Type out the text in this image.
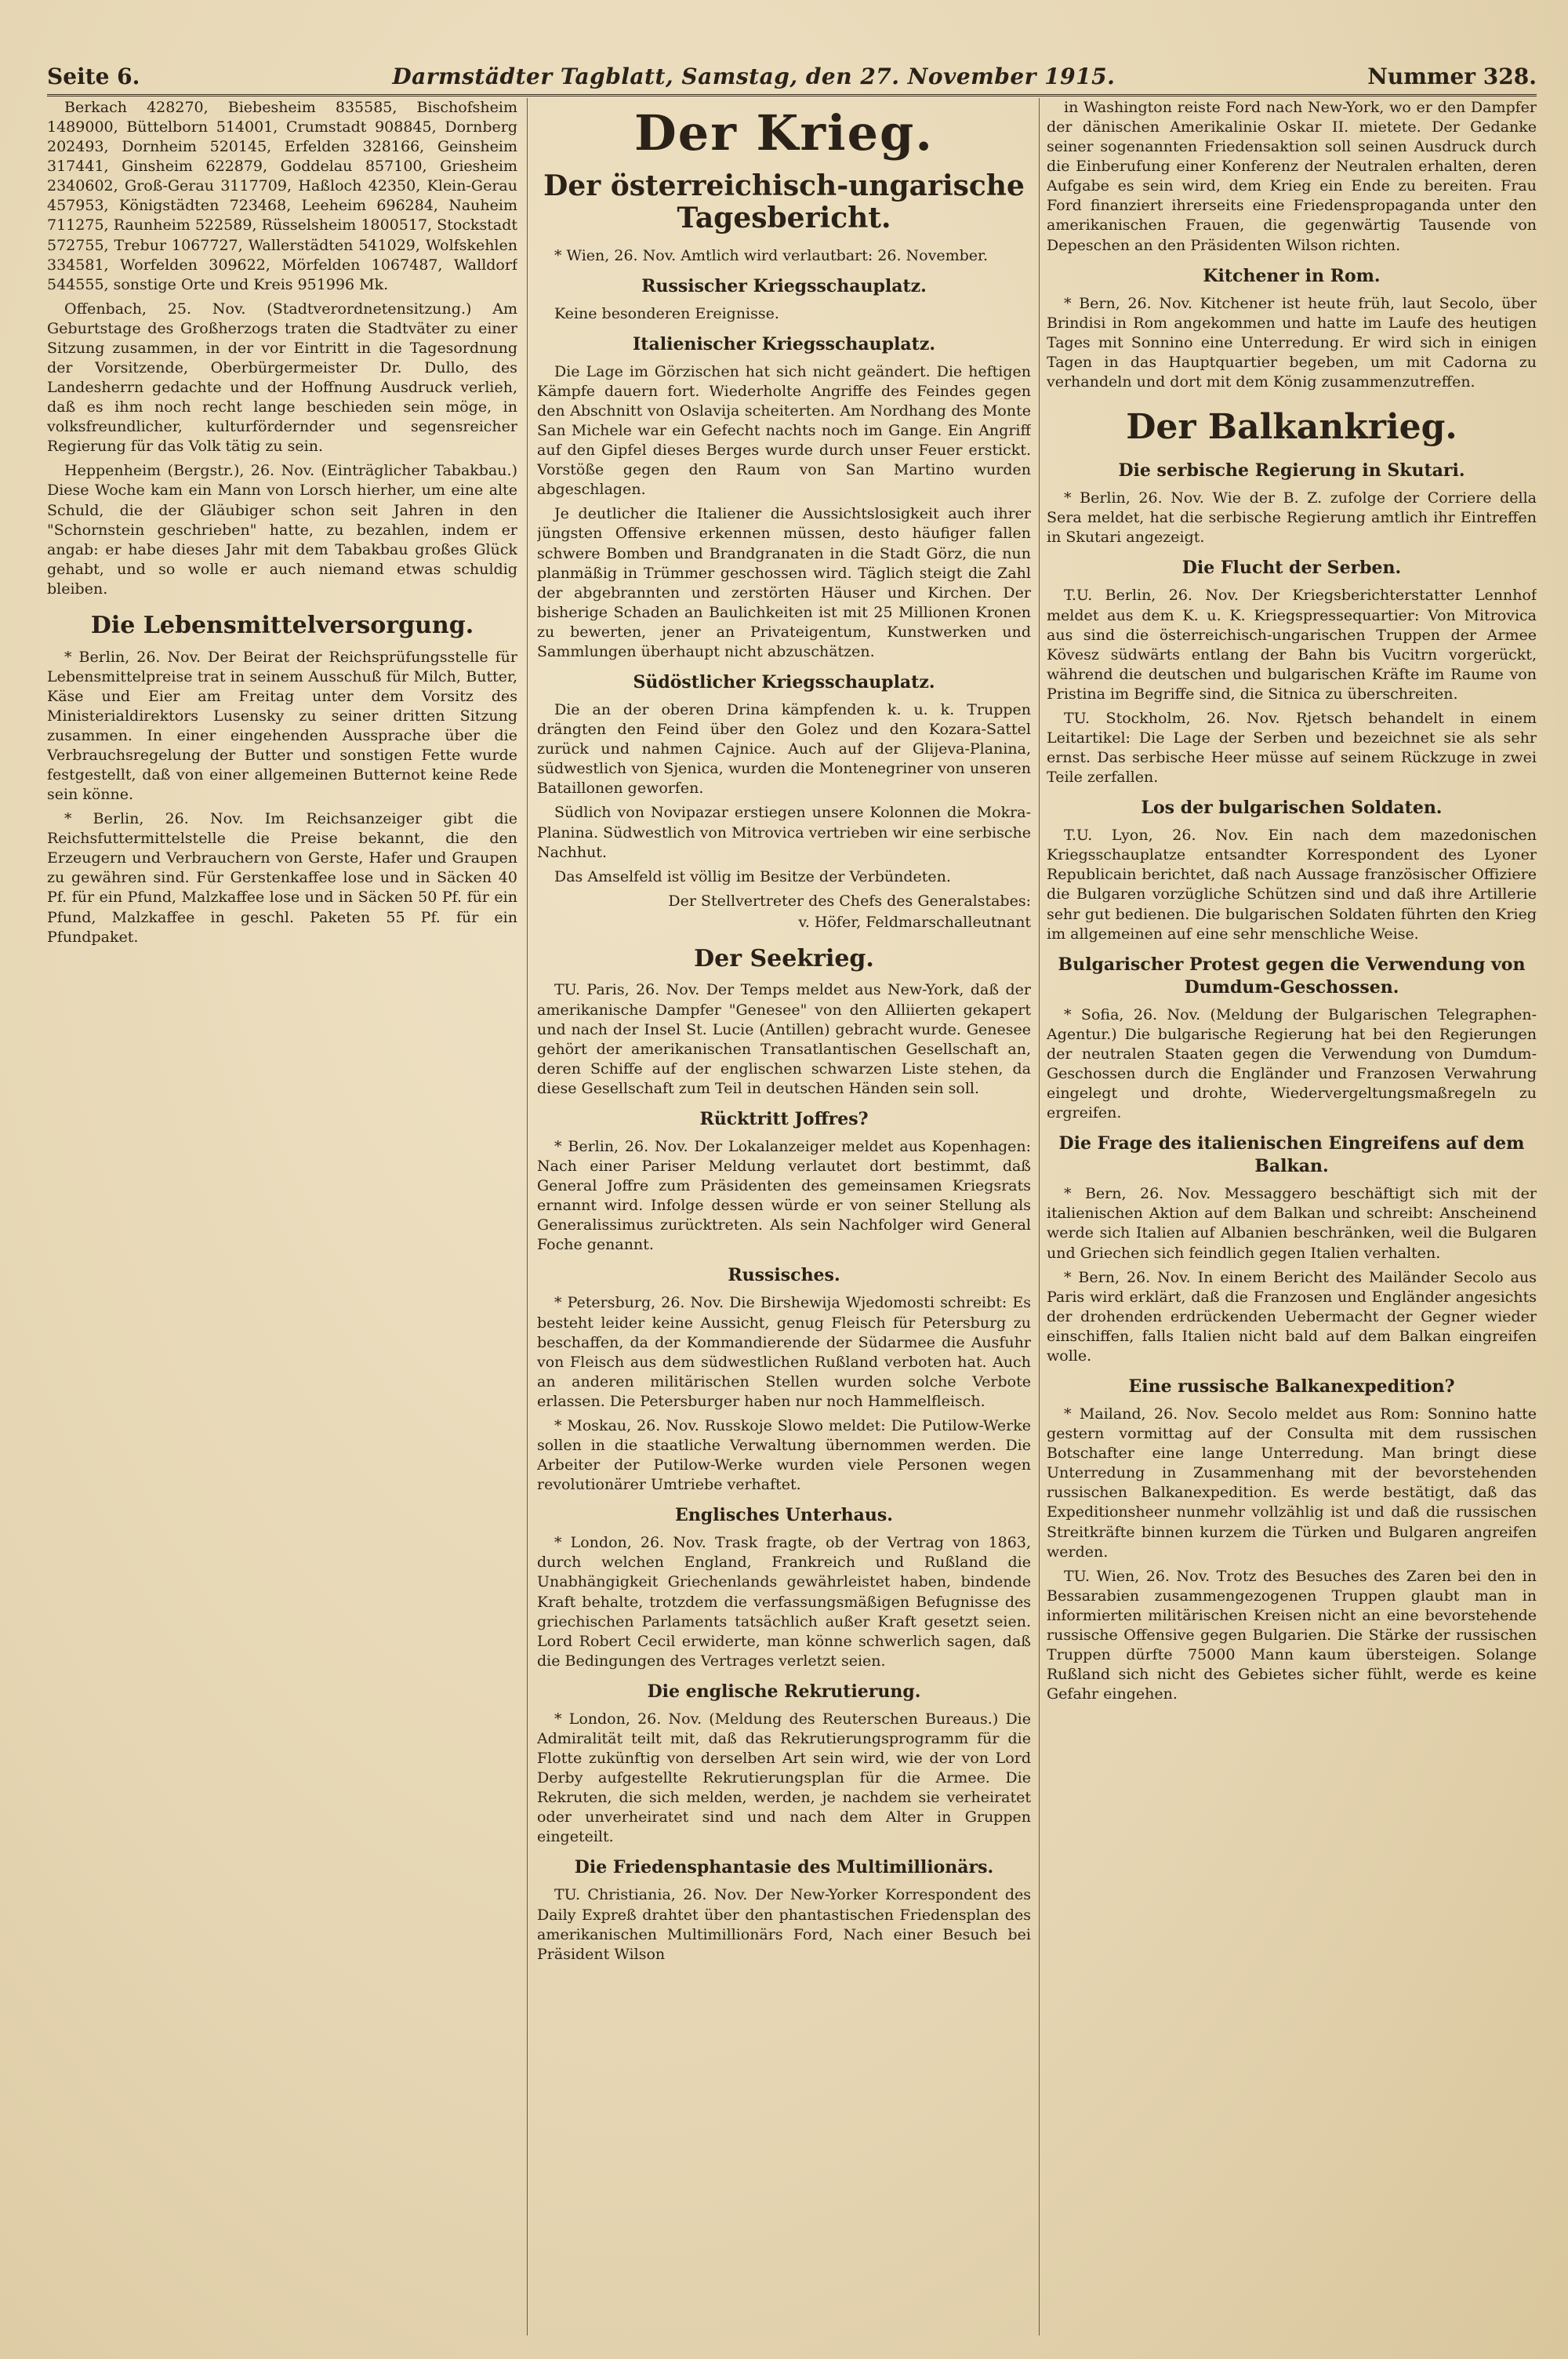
Seite 6.	Darmstädter Tagblatt, Samstag, den 27. November 1915.	Nummer 328.

Berkach 428270, Biebesheim 835585, Bischofsheim 1489000, Büttelborn 514001, Crumstadt 908845, Dornberg 202493, Dornheim 520145, Erfelden 328166, Geinsheim 317441, Ginsheim 622879, Goddelau 857100, Griesheim 2340602, Groß-Gerau 3117709, Haßloch 42350, Klein-Gerau 457953, Königstädten 723468, Leeheim 696284, Nauheim 711275, Raunheim 522589, Rüsselsheim 1800517, Stockstadt 572755, Trebur 1067727, Wallerstädten 541029, Wolfskehlen 334581, Worfelden 309622, Mörfelden 1067487, Walldorf 544555, sonstige Orte und Kreis 951996 Mk.

Offenbach, 25. Nov. (Stadtverordnetensitzung.) Am Geburtstage des Großherzogs traten die Stadtväter zu einer Sitzung zusammen, in der vor Eintritt in die Tagesordnung der Vorsitzende, Oberbürgermeister Dr. Dullo, des Landesherrn gedachte und der Hoffnung Ausdruck verlieh, daß es ihm noch recht lange beschieden sein möge, in volksfreundlicher, kulturfördernder und segensreicher Regierung für das Volk tätig zu sein.

Heppenheim (Bergstr.), 26. Nov. (Einträglicher Tabakbau.) Diese Woche kam ein Mann von Lorsch hierher, um eine alte Schuld, die der Gläubiger schon seit Jahren in den "Schornstein geschrieben" hatte, zu bezahlen, indem er angab: er habe dieses Jahr mit dem Tabakbau großes Glück gehabt, und so wolle er auch niemand etwas schuldig bleiben.

Die Lebensmittelversorgung.

* Berlin, 26. Nov. Der Beirat der Reichsprüfungsstelle für Lebensmittelpreise trat in seinem Ausschuß für Milch, Butter, Käse und Eier am Freitag unter dem Vorsitz des Ministerialdirektors Lusensky zu seiner dritten Sitzung zusammen. In einer eingehenden Aussprache über die Verbrauchsregelung der Butter und sonstigen Fette wurde festgestellt, daß von einer allgemeinen Butternot keine Rede sein könne.

* Berlin, 26. Nov. Im Reichsanzeiger gibt die Reichsfuttermittelstelle die Preise bekannt, die den Erzeugern und Verbrauchern von Gerste, Hafer und Graupen zu gewähren sind. Für Gerstenkaffee lose und in Säcken 40 Pf. für ein Pfund, Malzkaffee lose und in Säcken 50 Pf. für ein Pfund, Malzkaffee in geschl. Paketen 55 Pf. für ein Pfundpaket.

Der Krieg.
Der österreichisch-ungarische Tagesbericht.

* Wien, 26. Nov. Amtlich wird verlautbart: 26. November.

Russischer Kriegsschauplatz.

Keine besonderen Ereignisse.

Italienischer Kriegsschauplatz.

Die Lage im Görzischen hat sich nicht geändert. Die heftigen Kämpfe dauern fort. Wiederholte Angriffe des Feindes gegen den Abschnitt von Oslavija scheiterten. Am Nordhang des Monte San Michele war ein Gefecht nachts noch im Gange. Ein Angriff auf den Gipfel dieses Berges wurde durch unser Feuer erstickt. Vorstöße gegen den Raum von San Martino wurden abgeschlagen.

Je deutlicher die Italiener die Aussichtslosigkeit auch ihrer jüngsten Offensive erkennen müssen, desto häufiger fallen schwere Bomben und Brandgranaten in die Stadt Görz, die nun planmäßig in Trümmer geschossen wird. Täglich steigt die Zahl der abgebrannten und zerstörten Häuser und Kirchen. Der bisherige Schaden an Baulichkeiten ist mit 25 Millionen Kronen zu bewerten, jener an Privateigentum, Kunstwerken und Sammlungen überhaupt nicht abzuschätzen.

Südöstlicher Kriegsschauplatz.

Die an der oberen Drina kämpfenden k. u. k. Truppen drängten den Feind über den Golez und den Kozara-Sattel zurück und nahmen Cajnice. Auch auf der Glijeva-Planina, südwestlich von Sjenica, wurden die Montenegriner von unseren Bataillonen geworfen.

Südlich von Novipazar erstiegen unsere Kolonnen die Mokra-Planina. Südwestlich von Mitrovica vertrieben wir eine serbische Nachhut.

Das Amselfeld ist völlig im Besitze der Verbündeten.

Der Stellvertreter des Chefs des Generalstabes:
v. Höfer, Feldmarschalleutnant
Der Seekrieg.

TU. Paris, 26. Nov. Der Temps meldet aus New-York, daß der amerikanische Dampfer "Genesee" von den Alliierten gekapert und nach der Insel St. Lucie (Antillen) gebracht wurde. Genesee gehört der amerikanischen Transatlantischen Gesellschaft an, deren Schiffe auf der englischen schwarzen Liste stehen, da diese Gesellschaft zum Teil in deutschen Händen sein soll.

Rücktritt Joffres?

* Berlin, 26. Nov. Der Lokalanzeiger meldet aus Kopenhagen: Nach einer Pariser Meldung verlautet dort bestimmt, daß General Joffre zum Präsidenten des gemeinsamen Kriegsrats ernannt wird. Infolge dessen würde er von seiner Stellung als Generalissimus zurücktreten. Als sein Nachfolger wird General Foche genannt.

Russisches.

* Petersburg, 26. Nov. Die Birshewija Wjedomosti schreibt: Es besteht leider keine Aussicht, genug Fleisch für Petersburg zu beschaffen, da der Kommandierende der Südarmee die Ausfuhr von Fleisch aus dem südwestlichen Rußland verboten hat. Auch an anderen militärischen Stellen wurden solche Verbote erlassen. Die Petersburger haben nur noch Hammelfleisch.

* Moskau, 26. Nov. Russkoje Slowo meldet: Die Putilow-Werke sollen in die staatliche Verwaltung übernommen werden. Die Arbeiter der Putilow-Werke wurden viele Personen wegen revolutionärer Umtriebe verhaftet.

Englisches Unterhaus.

* London, 26. Nov. Trask fragte, ob der Vertrag von 1863, durch welchen England, Frankreich und Rußland die Unabhängigkeit Griechenlands gewährleistet haben, bindende Kraft behalte, trotzdem die verfassungsmäßigen Befugnisse des griechischen Parlaments tatsächlich außer Kraft gesetzt seien. Lord Robert Cecil erwiderte, man könne schwerlich sagen, daß die Bedingungen des Vertrages verletzt seien.

Die englische Rekrutierung.

* London, 26. Nov. (Meldung des Reuterschen Bureaus.) Die Admiralität teilt mit, daß das Rekrutierungsprogramm für die Flotte zukünftig von derselben Art sein wird, wie der von Lord Derby aufgestellte Rekrutierungsplan für die Armee. Die Rekruten, die sich melden, werden, je nachdem sie verheiratet oder unverheiratet sind und nach dem Alter in Gruppen eingeteilt.

Die Friedensphantasie des Multimillionärs.

TU. Christiania, 26. Nov. Der New-Yorker Korrespondent des Daily Expreß drahtet über den phantastischen Friedensplan des amerikanischen Multimillionärs Ford, Nach einer Besuch bei Präsident Wilson

in Washington reiste Ford nach New-York, wo er den Dampfer der dänischen Amerikalinie Oskar II. mietete. Der Gedanke seiner sogenannten Friedensaktion soll seinen Ausdruck durch die Einberufung einer Konferenz der Neutralen erhalten, deren Aufgabe es sein wird, dem Krieg ein Ende zu bereiten. Frau Ford finanziert ihrerseits eine Friedenspropaganda unter den amerikanischen Frauen, die gegenwärtig Tausende von Depeschen an den Präsidenten Wilson richten.

Kitchener in Rom.

* Bern, 26. Nov. Kitchener ist heute früh, laut Secolo, über Brindisi in Rom angekommen und hatte im Laufe des heutigen Tages mit Sonnino eine Unterredung. Er wird sich in einigen Tagen in das Hauptquartier begeben, um mit Cadorna zu verhandeln und dort mit dem König zusammenzutreffen.

Der Balkankrieg.
Die serbische Regierung in Skutari.

* Berlin, 26. Nov. Wie der B. Z. zufolge der Corriere della Sera meldet, hat die serbische Regierung amtlich ihr Eintreffen in Skutari angezeigt.

Die Flucht der Serben.

T.U. Berlin, 26. Nov. Der Kriegsberichterstatter Lennhof meldet aus dem K. u. K. Kriegspressequartier: Von Mitrovica aus sind die österreichisch-ungarischen Truppen der Armee Kövesz südwärts entlang der Bahn bis Vucitrn vorgerückt, während die deutschen und bulgarischen Kräfte im Raume von Pristina im Begriffe sind, die Sitnica zu überschreiten.

TU. Stockholm, 26. Nov. Rjetsch behandelt in einem Leitartikel: Die Lage der Serben und bezeichnet sie als sehr ernst. Das serbische Heer müsse auf seinem Rückzuge in zwei Teile zerfallen.

Los der bulgarischen Soldaten.

T.U. Lyon, 26. Nov. Ein nach dem mazedonischen Kriegsschauplatze entsandter Korrespondent des Lyoner Republicain berichtet, daß nach Aussage französischer Offiziere die Bulgaren vorzügliche Schützen sind und daß ihre Artillerie sehr gut bedienen. Die bulgarischen Soldaten führten den Krieg im allgemeinen auf eine sehr menschliche Weise.

Bulgarischer Protest gegen die Verwendung von Dumdum-Geschossen.

* Sofia, 26. Nov. (Meldung der Bulgarischen Telegraphen-Agentur.) Die bulgarische Regierung hat bei den Regierungen der neutralen Staaten gegen die Verwendung von Dumdum-Geschossen durch die Engländer und Franzosen Verwahrung eingelegt und drohte, Wiedervergeltungsmaßregeln zu ergreifen.

Die Frage des italienischen Eingreifens auf dem Balkan.

* Bern, 26. Nov. Messaggero beschäftigt sich mit der italienischen Aktion auf dem Balkan und schreibt: Anscheinend werde sich Italien auf Albanien beschränken, weil die Bulgaren und Griechen sich feindlich gegen Italien verhalten.

* Bern, 26. Nov. In einem Bericht des Mailänder Secolo aus Paris wird erklärt, daß die Franzosen und Engländer angesichts der drohenden erdrückenden Uebermacht der Gegner wieder einschiffen, falls Italien nicht bald auf dem Balkan eingreifen wolle.

Eine russische Balkanexpedition?

* Mailand, 26. Nov. Secolo meldet aus Rom: Sonnino hatte gestern vormittag auf der Consulta mit dem russischen Botschafter eine lange Unterredung. Man bringt diese Unterredung in Zusammenhang mit der bevorstehenden russischen Balkanexpedition. Es werde bestätigt, daß das Expeditionsheer nunmehr vollzählig ist und daß die russischen Streitkräfte binnen kurzem die Türken und Bulgaren angreifen werden.

TU. Wien, 26. Nov. Trotz des Besuches des Zaren bei den in Bessarabien zusammengezogenen Truppen glaubt man in informierten militärischen Kreisen nicht an eine bevorstehende russische Offensive gegen Bulgarien. Die Stärke der russischen Truppen dürfte 75000 Mann kaum übersteigen. Solange Rußland sich nicht des Gebietes sicher fühlt, werde es keine Gefahr eingehen.
